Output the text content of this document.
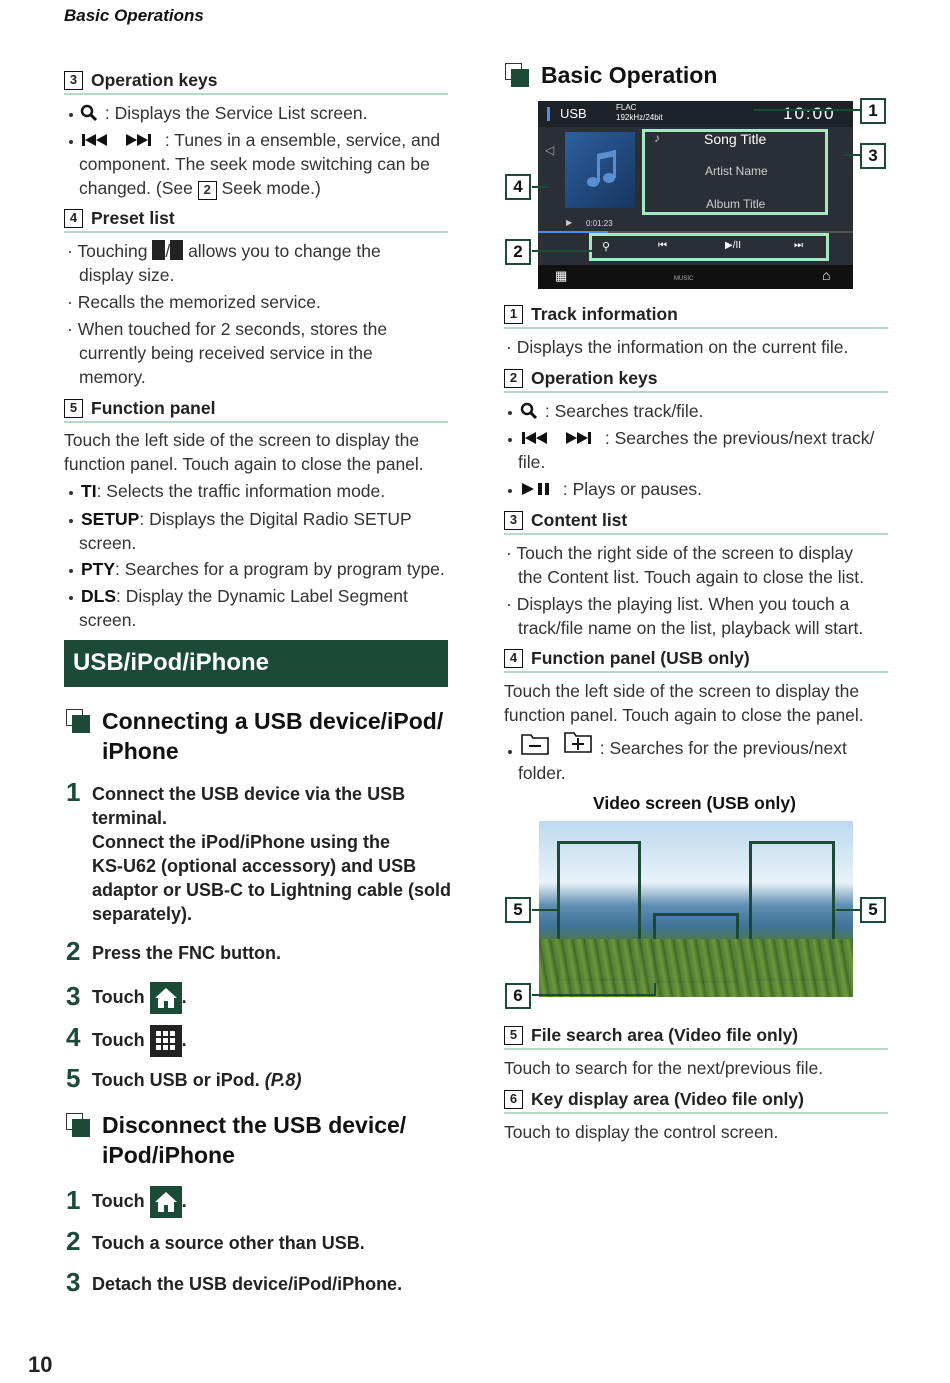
Basic Operations
3 Operation keys
: Displays the Service List screen.
: Tunes in a ensemble, service, and
component. The seek mode switching can be
changed. (See 2 Seek mode.)
4 Preset list
· Touching / allows you to change the
display size.
· Recalls the memorized service.
· When touched for 2 seconds, stores the
currently being received service in the
memory.
5 Function panel
Touch the left side of the screen to display the
function panel. Touch again to close the panel.
TI: Selects the traffic information mode.
SETUP: Displays the Digital Radio SETUP
screen.
PTY: Searches for a program by program type.
DLS: Display the Dynamic Label Segment
screen.
USB/iPod/iPhone
Connecting a USB device/iPod/
iPhone
1 Connect the USB device via the USB
terminal.
Connect the iPod/iPhone using the
KS-U62 (optional accessory) and USB
adaptor or USB-C to Lightning cable (sold
separately).
2 Press the FNC button.
3 Touch .
4 Touch .
5 Touch USB or iPod. (P.8)
Disconnect the USB device/
iPod/iPhone
1 Touch .
2 Touch a source other than USB.
3 Detach the USB device/iPod/iPhone.
10
Basic Operation
USB	FLAC
192kHz/24bit	10:00
◁
♪	Song Title
Artist Name
Album Title
▶ 0:01:23
⚲	⏮	▶/II	⏭
▦	MUSIC	⌂
1
3
4
2
1 Track information
· Displays the information on the current file.
2 Operation keys
: Searches track/file.
: Searches the previous/next track/
file.
: Plays or pauses.
3 Content list
· Touch the right side of the screen to display
the Content list. Touch again to close the list.
· Displays the playing list. When you touch a
track/file name on the list, playback will start.
4 Function panel (USB only)
Touch the left side of the screen to display the
function panel. Touch again to close the panel.
: Searches for the previous/next
folder.
Video screen (USB only)
5	5
6
5 File search area (Video file only)
Touch to search for the next/previous file.
6 Key display area (Video file only)
Touch to display the control screen.
